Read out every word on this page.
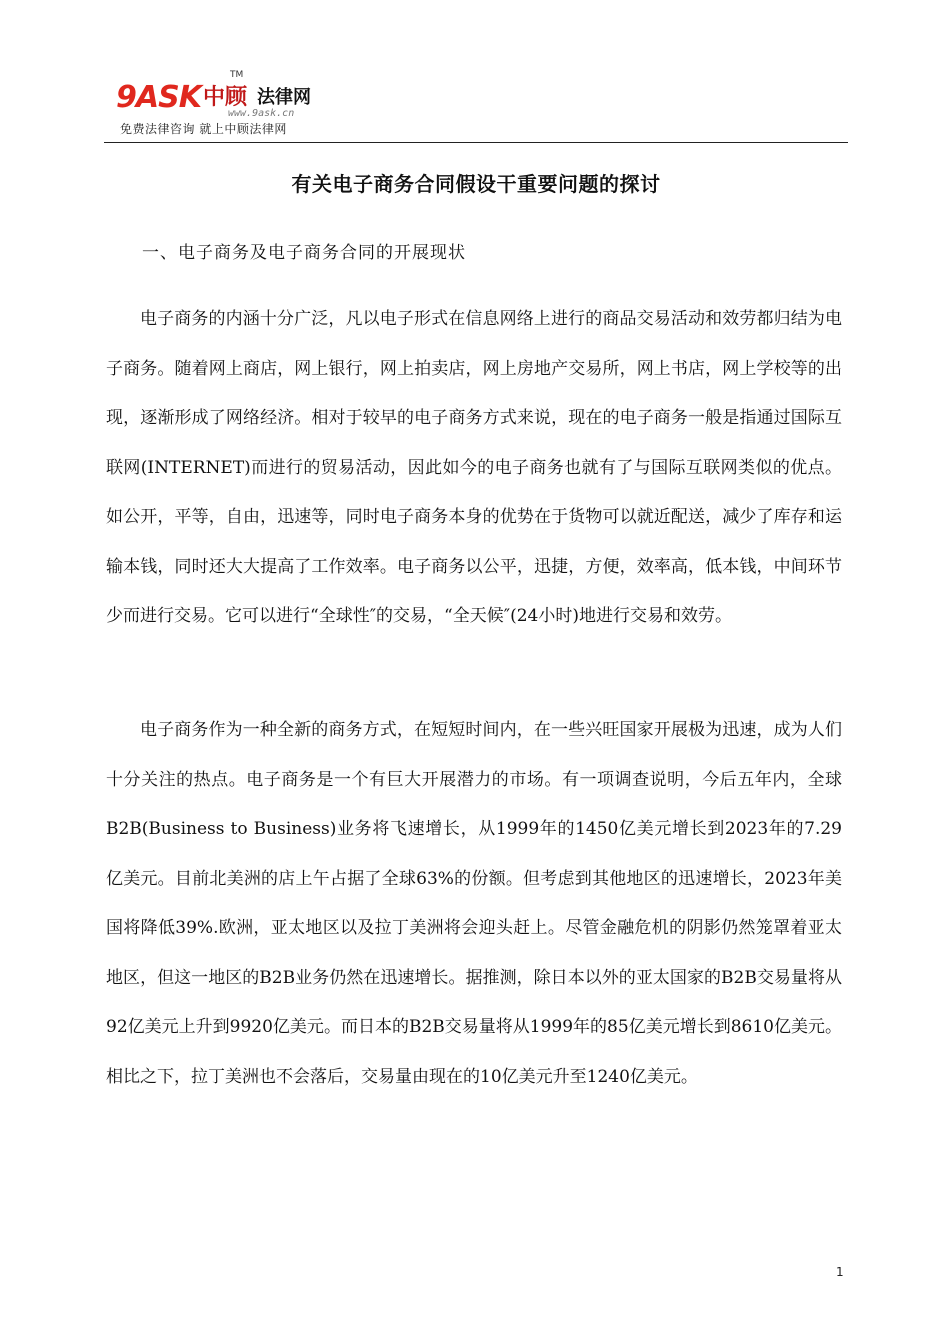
9ASK 中顾 法律网
TM
www.9ask.cn
免费法律咨询 就上中顾法律网
有关电子商务合同假设干重要问题的探讨
一、电子商务及电子商务合同的开展现状

电子商务的内涵十分广泛，凡以电子形式在信息网络上进行的商品交易活动和效劳都归结为电子商务。随着网上商店，网上银行，网上拍卖店，网上房地产交易所，网上书店，网上学校等的出现，逐渐形成了网络经济。相对于较早的电子商务方式来说，现在的电子商务一般是指通过国际互联网(INTERNET)而进行的贸易活动，因此如今的电子商务也就有了与国际互联网类似的优点。如公开，平等，自由，迅速等，同时电子商务本身的优势在于货物可以就近配送，减少了库存和运输本钱，同时还大大提高了工作效率。电子商务以公平，迅捷，方便，效率高，低本钱，中间环节少而进行交易。它可以进行“全球性″的交易，“全天候″(24小时)地进行交易和效劳。

电子商务作为一种全新的商务方式，在短短时间内，在一些兴旺国家开展极为迅速，成为人们十分关注的热点。电子商务是一个有巨大开展潜力的市场。有一项调查说明，今后五年内，全球B2B(Business to Business)业务将飞速增长，从1999年的1450亿美元增长到2023年的7.29亿美元。目前北美洲的店上午占据了全球63%的份额。但考虑到其他地区的迅速增长，2023年美国将降低39%.欧洲，亚太地区以及拉丁美洲将会迎头赶上。尽管金融危机的阴影仍然笼罩着亚太地区，但这一地区的B2B业务仍然在迅速增长。据推测，除日本以外的亚太国家的B2B交易量将从92亿美元上升到9920亿美元。而日本的B2B交易量将从1999年的85亿美元增长到8610亿美元。相比之下，拉丁美洲也不会落后，交易量由现在的10亿美元升至1240亿美元。

1
